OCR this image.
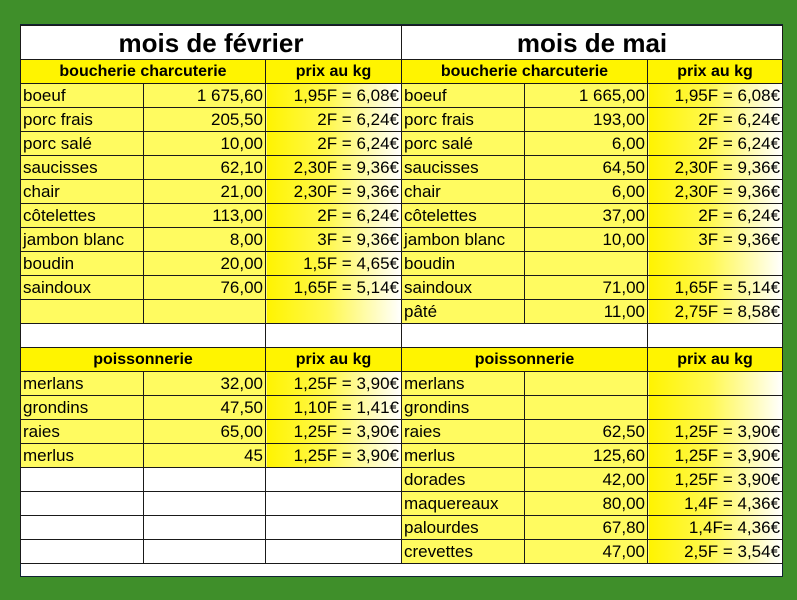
mois de février		
boucherie charcuterie		prix au kg
boeuf	1 675,60	1,95F = 6,08€
porc frais	205,50	2F = 6,24€
porc salé	10,00	2F = 6,24€
saucisses	62,10	2,30F = 9,36€
chair	21,00	2,30F = 9,36€
côtelettes	113,00	2F = 6,24€
jambon blanc	8,00	3F = 9,36€
boudin	20,00	1,5F = 4,65€
saindoux	76,00	1,65F = 5,14€

poissonnerie		prix au kg
merlans	32,00	1,25F = 3,90€
grondins	47,50	1,10F = 1,41€
raies	65,00	1,25F = 3,90€
merlus	45	1,25F = 3,90€

mois de mai		
boucherie charcuterie		prix au kg
boeuf	1 665,00	1,95F = 6,08€
porc frais	193,00	2F = 6,24€
porc salé	6,00	2F = 6,24€
saucisses	64,50	2,30F = 9,36€
chair	6,00	2,30F = 9,36€
côtelettes	37,00	2F = 6,24€
jambon blanc	10,00	3F = 9,36€
boudin		
saindoux	71,00	1,65F = 5,14€
pâté	11,00	2,75F = 8,58€

poissonnerie		prix au kg
merlans		
grondins		
raies	62,50	1,25F = 3,90€
merlus	125,60	1,25F = 3,90€
dorades	42,00	1,25F = 3,90€
maquereaux	80,00	1,4F = 4,36€
palourdes	67,80	1,4F= 4,36€
crevettes	47,00	2,5F = 3,54€
